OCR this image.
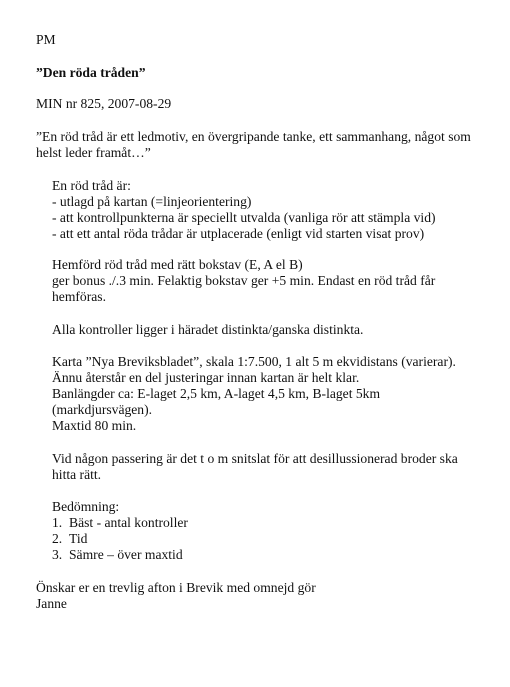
PM
”Den röda tråden”
MIN nr 825, 2007-08-29
”En röd tråd är ett ledmotiv, en övergripande tanke, ett sammanhang, något som
helst leder framåt…”
En röd tråd är:
- utlagd på kartan (=linjeorientering)
- att kontrollpunkterna är speciellt utvalda (vanliga rör att stämpla vid)
- att ett antal röda trådar är utplacerade (enligt vid starten visat prov)
Hemförd röd tråd med rätt bokstav (E, A el B)
ger bonus ./.3 min. Felaktig bokstav ger +5 min. Endast en röd tråd får
hemföras.
Alla kontroller ligger i häradet distinkta/ganska distinkta.
Karta ”Nya Breviksbladet”, skala 1:7.500, 1 alt 5 m ekvidistans (varierar).
Ännu återstår en del justeringar innan kartan är helt klar.
Banlängder ca: E-laget 2,5 km, A-laget 4,5 km, B-laget 5km
(markdjursvägen).
Maxtid 80 min.
Vid någon passering är det t o m snitslat för att desillussionerad broder ska
hitta rätt.
Bedömning:
1. Bäst - antal kontroller
2. Tid
3. Sämre – över maxtid
Önskar er en trevlig afton i Brevik med omnejd gör
Janne
